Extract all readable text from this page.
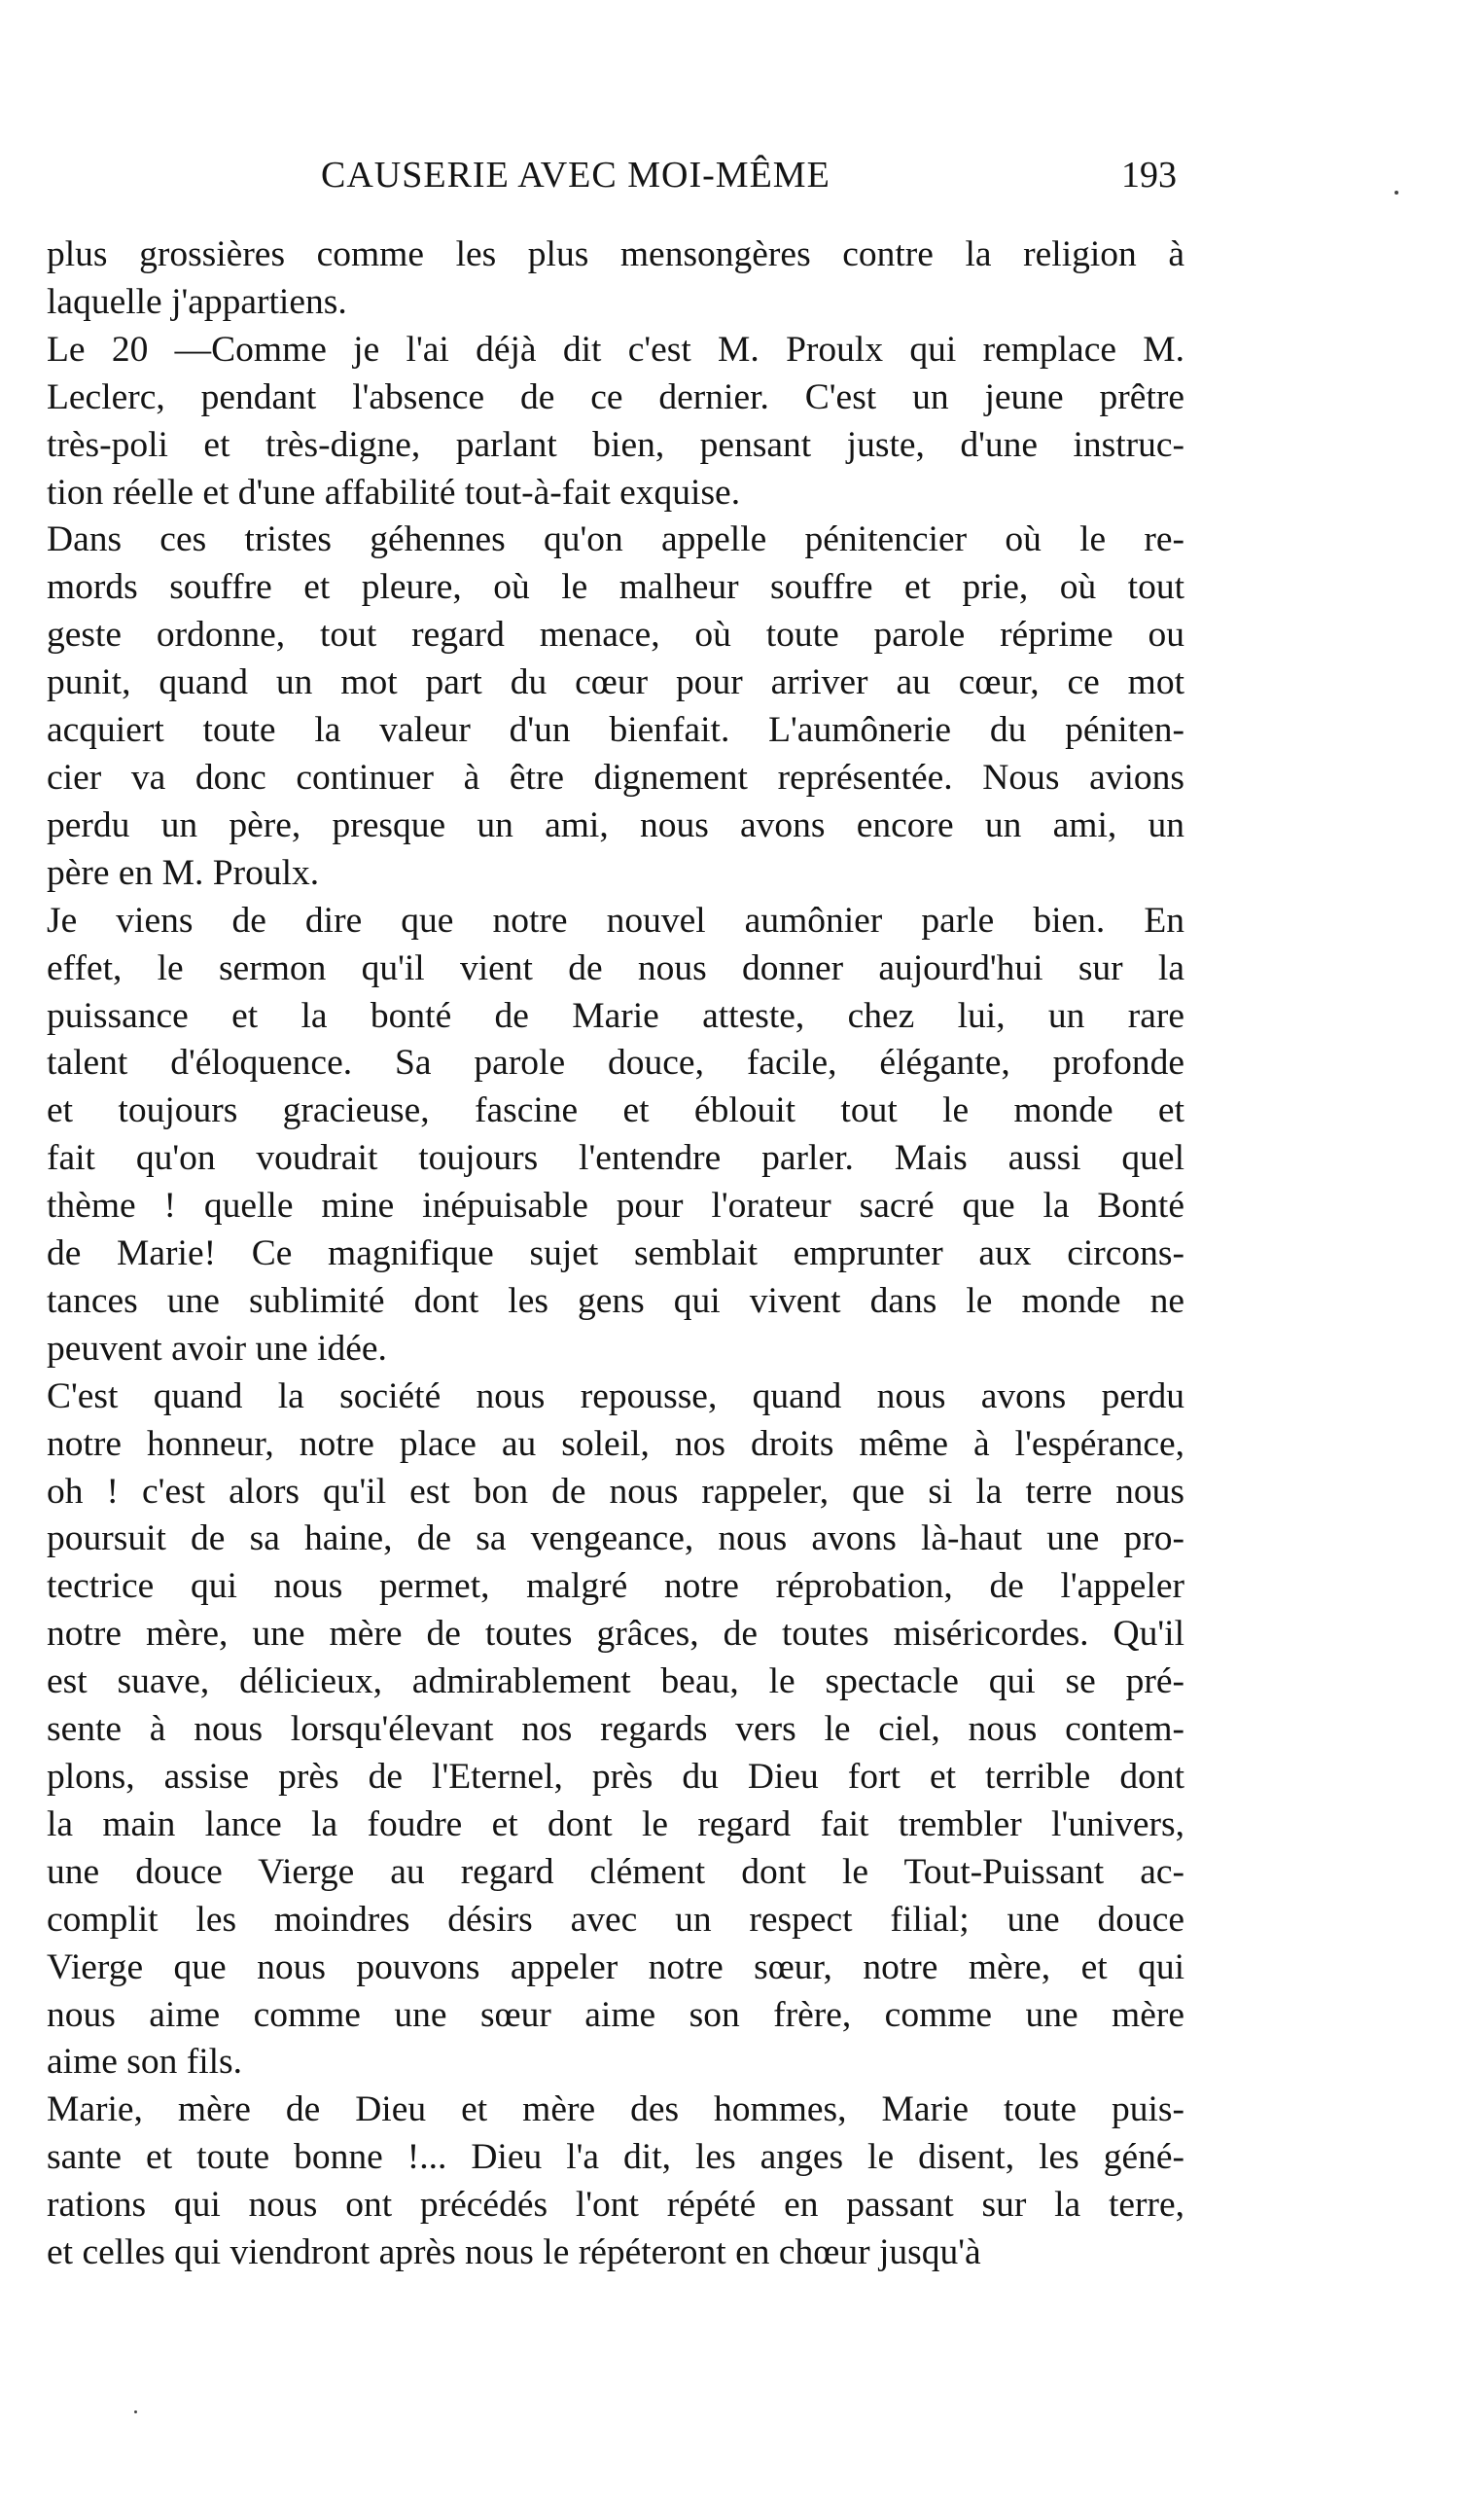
CAUSERIE AVEC MOI-MÊME	193
plus grossières comme les plus mensongères contre la religion à
laquelle j'appartiens.
Le 20 —Comme je l'ai déjà dit c'est M. Proulx qui remplace M.
Leclerc, pendant l'absence de ce dernier. C'est un jeune prêtre
très-poli et très-digne, parlant bien, pensant juste, d'une instruc-
tion réelle et d'une affabilité tout-à-fait exquise.
Dans ces tristes géhennes qu'on appelle pénitencier où le re-
mords souffre et pleure, où le malheur souffre et prie, où tout
geste ordonne, tout regard menace, où toute parole réprime ou
punit, quand un mot part du cœur pour arriver au cœur, ce mot
acquiert toute la valeur d'un bienfait. L'aumônerie du péniten-
cier va donc continuer à être dignement représentée. Nous avions
perdu un père, presque un ami, nous avons encore un ami, un
père en M. Proulx.
Je viens de dire que notre nouvel aumônier parle bien. En
effet, le sermon qu'il vient de nous donner aujourd'hui sur la
puissance et la bonté de Marie atteste, chez lui, un rare
talent d'éloquence. Sa parole douce, facile, élégante, profonde
et toujours gracieuse, fascine et éblouit tout le monde et
fait qu'on voudrait toujours l'entendre parler. Mais aussi quel
thème ! quelle mine inépuisable pour l'orateur sacré que la Bonté
de Marie! Ce magnifique sujet semblait emprunter aux circons-
tances une sublimité dont les gens qui vivent dans le monde ne
peuvent avoir une idée.
C'est quand la société nous repousse, quand nous avons perdu
notre honneur, notre place au soleil, nos droits même à l'espérance,
oh ! c'est alors qu'il est bon de nous rappeler, que si la terre nous
poursuit de sa haine, de sa vengeance, nous avons là-haut une pro-
tectrice qui nous permet, malgré notre réprobation, de l'appeler
notre mère, une mère de toutes grâces, de toutes miséricordes. Qu'il
est suave, délicieux, admirablement beau, le spectacle qui se pré-
sente à nous lorsqu'élevant nos regards vers le ciel, nous contem-
plons, assise près de l'Eternel, près du Dieu fort et terrible dont
la main lance la foudre et dont le regard fait trembler l'univers,
une douce Vierge au regard clément dont le Tout-Puissant ac-
complit les moindres désirs avec un respect filial; une douce
Vierge que nous pouvons appeler notre sœur, notre mère, et qui
nous aime comme une sœur aime son frère, comme une mère
aime son fils.
Marie, mère de Dieu et mère des hommes, Marie toute puis-
sante et toute bonne !... Dieu l'a dit, les anges le disent, les géné-
rations qui nous ont précédés l'ont répété en passant sur la terre,
et celles qui viendront après nous le répéteront en chœur jusqu'à
